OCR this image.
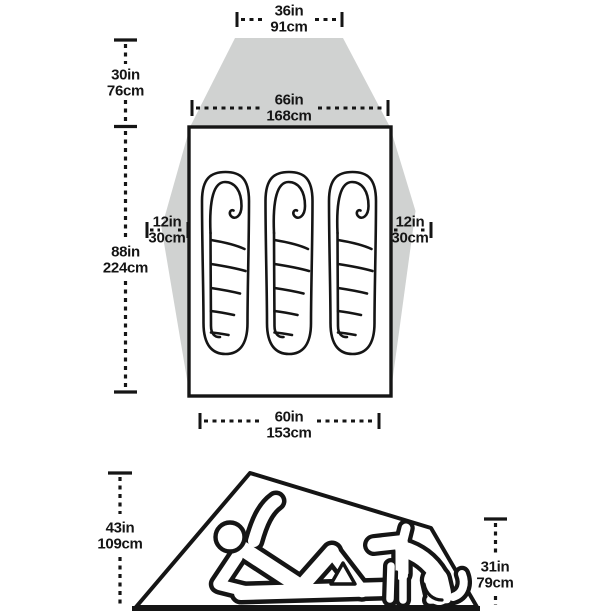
36in
91cm
66in
168cm
12in
30cm
12in
30cm
60in
153cm
30in
76cm
88in
224cm
43in
109cm
31in
79cm
